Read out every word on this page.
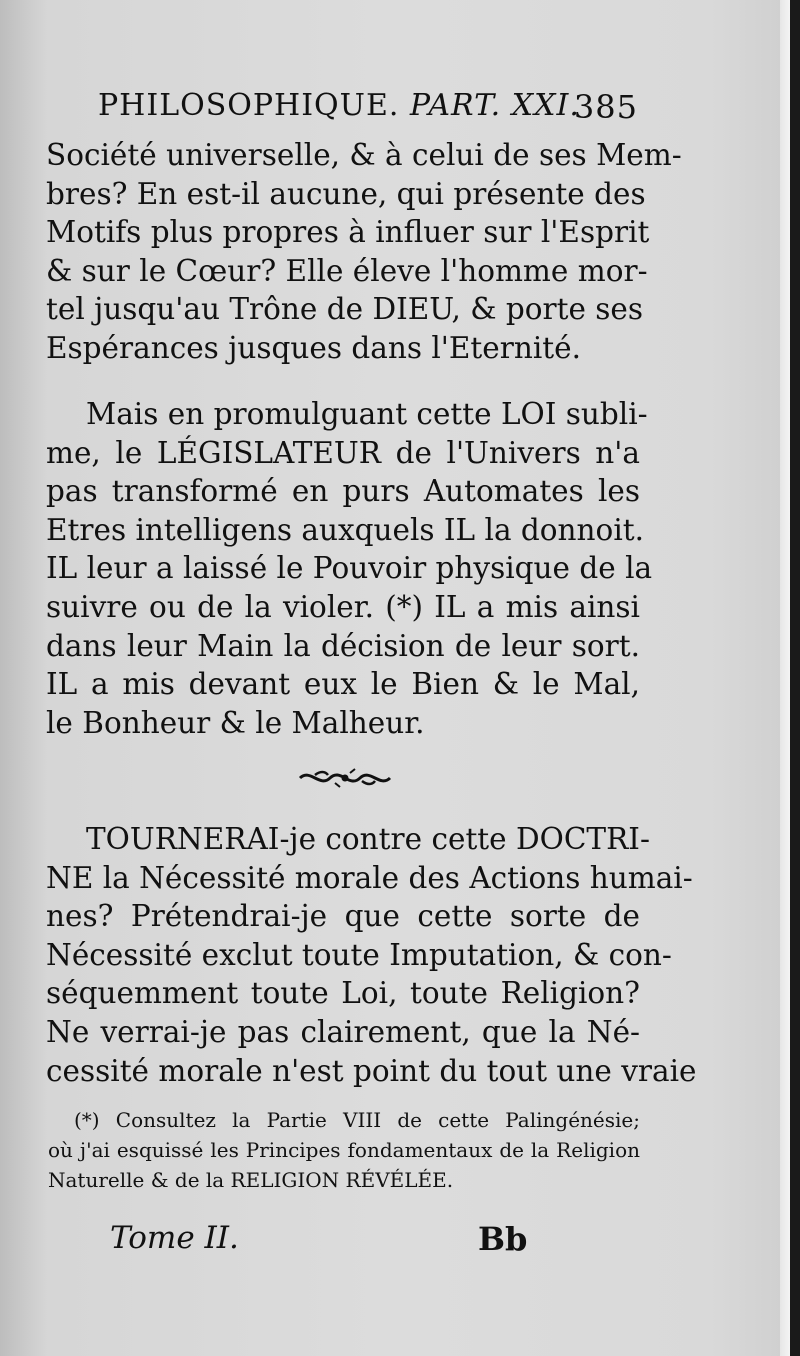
PHILOSOPHIQUE. PART. XXI.
385
Société universelle, & à celui de ses Mem-
bres? En est-il aucune, qui présente des
Motifs plus propres à influer sur l'Esprit
& sur le Cœur? Elle éleve l'homme mor-
tel jusqu'au Trône de DIEU, & porte ses
Espérances jusques dans l'Eternité.
Mais en promulguant cette LOI subli-
me, le LÉGISLATEUR de l'Univers n'a
pas transformé en purs Automates les
Etres intelligens auxquels IL la donnoit.
IL leur a laissé le Pouvoir physique de la
suivre ou de la violer. (*) IL a mis ainsi
dans leur Main la décision de leur sort.
IL a mis devant eux le Bien & le Mal,
le Bonheur & le Malheur.
TOURNERAI-je contre cette DOCTRI-
NE la Nécessité morale des Actions humai-
nes? Prétendrai-je que cette sorte de
Nécessité exclut toute Imputation, & con-
séquemment toute Loi, toute Religion?
Ne verrai-je pas clairement, que la Né-
cessité morale n'est point du tout une vraie
(*) Consultez la Partie VIII de cette Palingénésie;
où j'ai esquissé les Principes fondamentaux de la Religion
Naturelle & de la RELIGION RÉVÉLÉE.
Tome II.	Bb
